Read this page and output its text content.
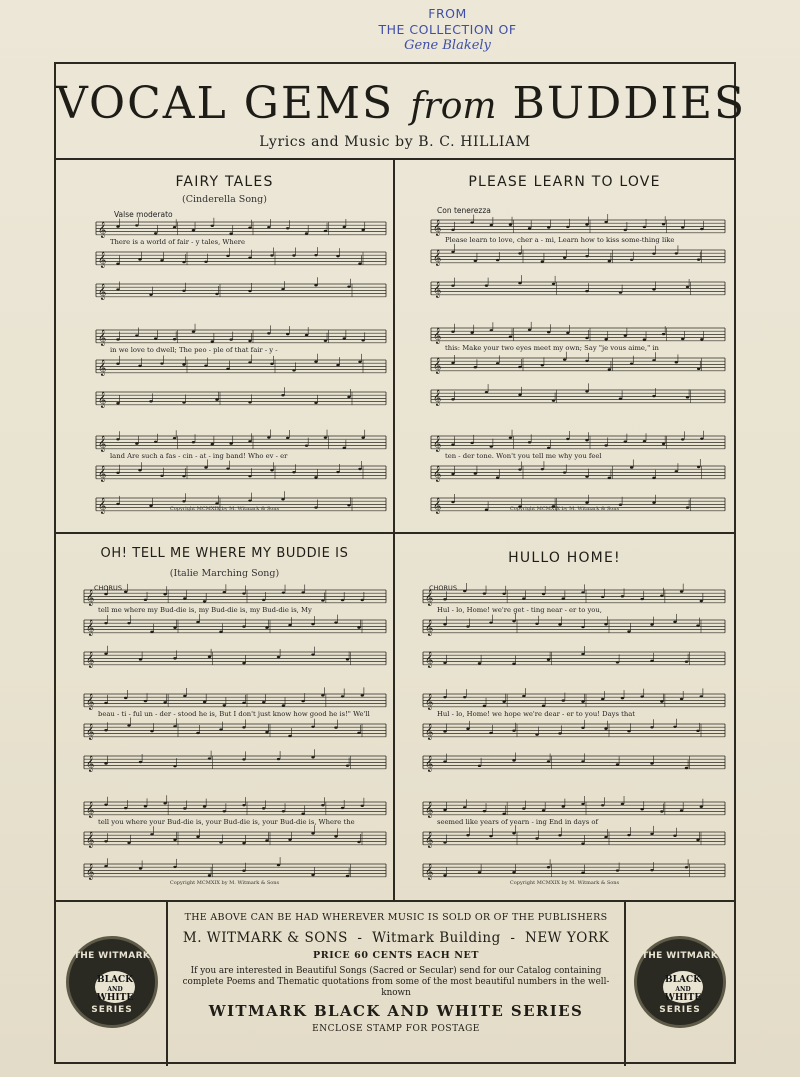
FROM
THE COLLECTION OF
Gene Blakely
VOCAL GEMS from BUDDIES
Lyrics and Music by B. C. HILLIAM
FAIRY TALES
(Cinderella Song)
Valse moderato
𝄞
There is a world of fair - y tales, Where
𝄞
𝄞
𝄞
in we love to dwell; The peo - ple of that fair - y -
𝄞
𝄞
𝄞
land Are such a fas - cin - at - ing band! Who ev - er
𝄞
𝄞	Copyright MCMXIX by M. Witmark & Sons
PLEASE LEARN TO LOVE
Con tenerezza
𝄞
Please learn to love, cher a - mi, Learn how to kiss some-thing like
𝄞
𝄞
𝄞
this: Make your two eyes meet my own; Say "je vous aime," in
𝄞
𝄞
𝄞
ten - der tone. Won't you tell me why you feel
𝄞
𝄞	Copyright MCMXIX by M. Witmark & Sons
OH! TELL ME WHERE MY BUDDIE IS
(Italie Marching Song)
CHORUS
𝄞
tell me where my Bud-die is, my Bud-die is, my Bud-die is, My
𝄞
𝄞
𝄞
beau - ti - ful un - der - stood he is, But I don't just know how good he is!" We'll
𝄞
𝄞
𝄞
tell you where your Bud-die is, your Bud-die is, your Bud-die is, Where the
𝄞
𝄞
Copyright MCMXIX by M. Witmark & Sons
HULLO HOME!
CHORUS
𝄞
Hul - lo, Home! we're get - ting near - er to you,
𝄞
𝄞
𝄞
Hul - lo, Home! we hope we're dear - er to you! Days that
𝄞
𝄞
𝄞
seemed like years of yearn - ing End in days of
𝄞
𝄞
Copyright MCMXIX by M. Witmark & Sons
THE WITMARK
BLACK
AND
WHITE
SERIES
THE ABOVE CAN BE HAD WHEREVER MUSIC IS SOLD OR OF THE PUBLISHERS
M. WITMARK & SONS  -  Witmark Building  -  NEW YORK
PRICE 60 CENTS EACH NET
If you are interested in Beautiful Songs (Sacred or Secular) send for our Catalog containing complete Poems and Thematic quotations from some of the most beautiful numbers in the well-known
WITMARK BLACK AND WHITE SERIES
ENCLOSE STAMP FOR POSTAGE
THE WITMARK
BLACK
AND
WHITE
SERIES
